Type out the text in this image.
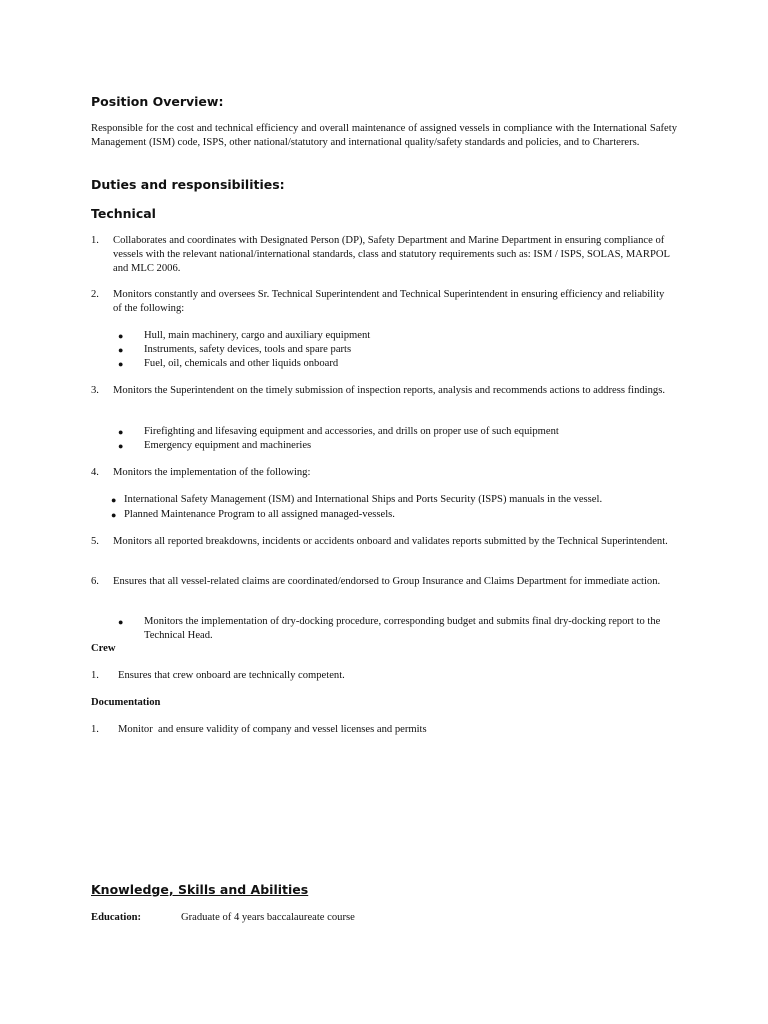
Position Overview:
Responsible for the cost and technical efficiency and overall maintenance of assigned vessels in compliance with the International Safety Management (ISM) code, ISPS, other national/statutory and international quality/safety standards and policies, and to Charterers.
Duties and responsibilities:
Technical
1. Collaborates and coordinates with Designated Person (DP), Safety Department and Marine Department in ensuring compliance of vessels with the relevant national/international standards, class and statutory requirements such as: ISM / ISPS, SOLAS, MARPOL and MLC 2006.
2. Monitors constantly and oversees Sr. Technical Superintendent and Technical Superintendent in ensuring efficiency and reliability of the following:
● Hull, main machinery, cargo and auxiliary equipment
● Instruments, safety devices, tools and spare parts
● Fuel, oil, chemicals and other liquids onboard
3. Monitors the Superintendent on the timely submission of inspection reports, analysis and recommends actions to address findings.
● Firefighting and lifesaving equipment and accessories, and drills on proper use of such equipment
● Emergency equipment and machineries
4. Monitors the implementation of the following:
● International Safety Management (ISM) and International Ships and Ports Security (ISPS) manuals in the vessel.
● Planned Maintenance Program to all assigned managed-vessels.
5. Monitors all reported breakdowns, incidents or accidents onboard and validates reports submitted by the Technical Superintendent.
6. Ensures that all vessel-related claims are coordinated/endorsed to Group Insurance and Claims Department for immediate action.
● Monitors the implementation of dry-docking procedure, corresponding budget and submits final dry-docking report to the Technical Head.
Crew
1. Ensures that crew onboard are technically competent.
Documentation
1. Monitor  and ensure validity of company and vessel licenses and permits
Knowledge, Skills and Abilities
Education:	Graduate of 4 years baccalaureate course
